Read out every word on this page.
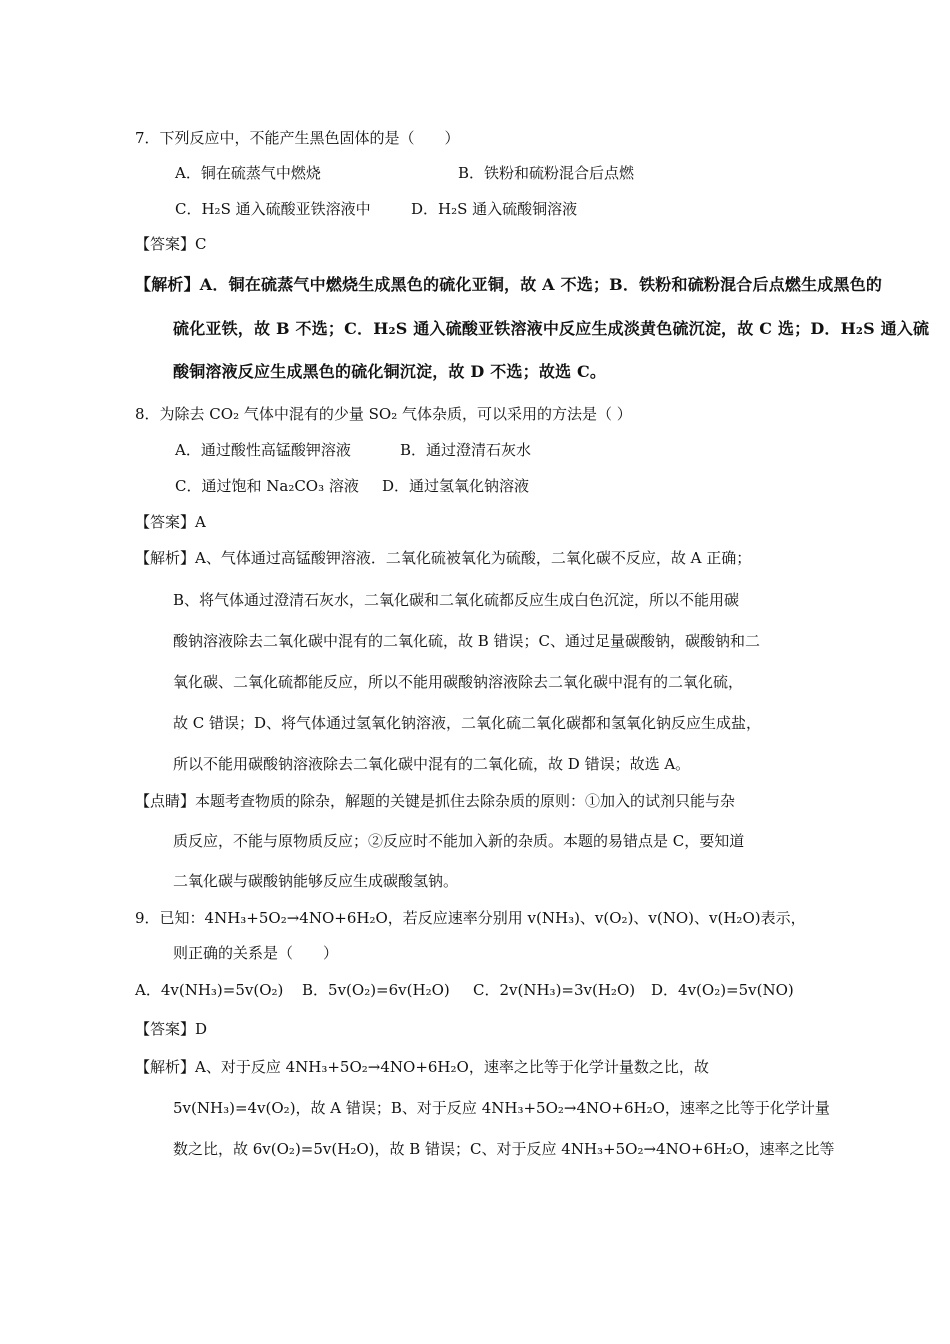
7．下列反应中，不能产生黑色固体的是（　　）
A．铜在硫蒸气中燃烧	B．铁粉和硫粉混合后点燃
C．H₂S 通入硫酸亚铁溶液中	D．H₂S 通入硫酸铜溶液
【答案】C
【解析】A．铜在硫蒸气中燃烧生成黑色的硫化亚铜，故 A 不选；B．铁粉和硫粉混合后点燃生成黑色的
硫化亚铁，故 B 不选；C．H₂S 通入硫酸亚铁溶液中反应生成淡黄色硫沉淀，故 C 选；D．H₂S 通入硫
酸铜溶液反应生成黑色的硫化铜沉淀，故 D 不选；故选 C。
8．为除去 CO₂ 气体中混有的少量 SO₂ 气体杂质，可以采用的方法是（ ）
A．通过酸性高锰酸钾溶液	B．通过澄清石灰水
C．通过饱和 Na₂CO₃ 溶液 D．通过氢氧化钠溶液
【答案】A
【解析】A、气体通过高锰酸钾溶液．二氧化硫被氧化为硫酸，二氧化碳不反应，故 A 正确；
B、将气体通过澄清石灰水，二氧化碳和二氧化硫都反应生成白色沉淀，所以不能用碳
酸钠溶液除去二氧化碳中混有的二氧化硫，故 B 错误；C、通过足量碳酸钠，碳酸钠和二
氧化碳、二氧化硫都能反应，所以不能用碳酸钠溶液除去二氧化碳中混有的二氧化硫，
故 C 错误；D、将气体通过氢氧化钠溶液，二氧化硫二氧化碳都和氢氧化钠反应生成盐，
所以不能用碳酸钠溶液除去二氧化碳中混有的二氧化硫，故 D 错误；故选 A。
【点睛】本题考查物质的除杂，解题的关键是抓住去除杂质的原则：①加入的试剂只能与杂
质反应，不能与原物质反应；②反应时不能加入新的杂质。本题的易错点是 C，要知道
二氧化碳与碳酸钠能够反应生成碳酸氢钠。
9．已知：4NH₃+5O₂→4NO+6H₂O，若反应速率分别用 v(NH₃)、v(O₂)、v(NO)、v(H₂O)表示，
则正确的关系是（　　）
A．4v(NH₃)=5v(O₂) B．5v(O₂)=6v(H₂O) C．2v(NH₃)=3v(H₂O) D．4v(O₂)=5v(NO)
【答案】D
【解析】A、对于反应 4NH₃+5O₂→4NO+6H₂O，速率之比等于化学计量数之比，故
5v(NH₃)=4v(O₂)，故 A 错误；B、对于反应 4NH₃+5O₂→4NO+6H₂O，速率之比等于化学计量
数之比，故 6v(O₂)=5v(H₂O)，故 B 错误；C、对于反应 4NH₃+5O₂→4NO+6H₂O，速率之比等
